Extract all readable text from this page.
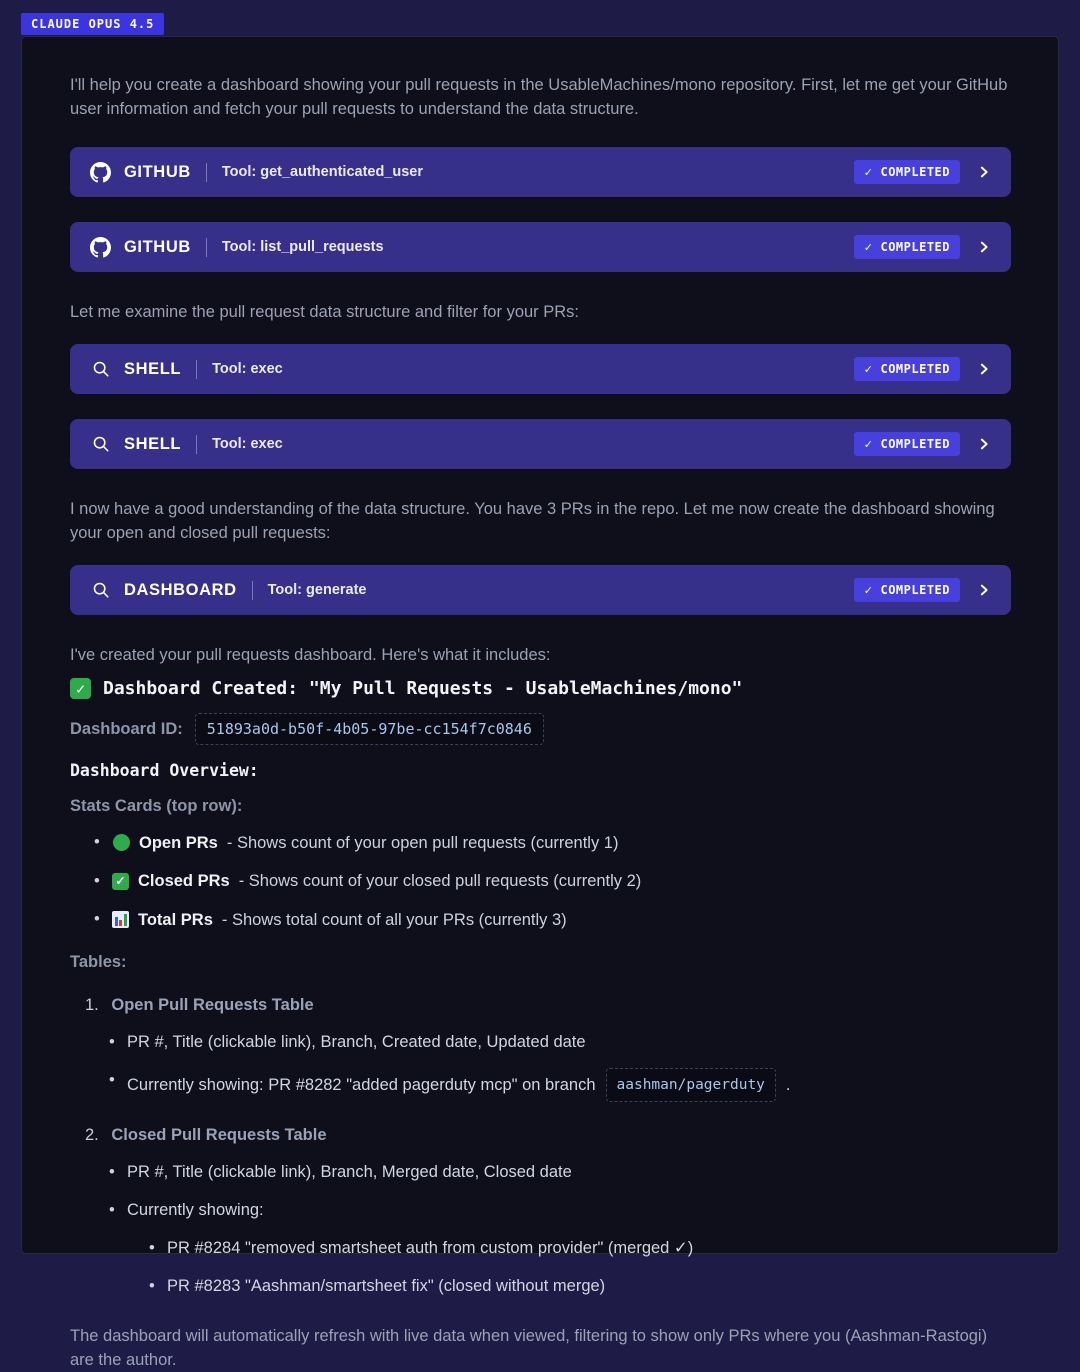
CLAUDE OPUS 4.5

I'll help you create a dashboard showing your pull requests in the UsableMachines/mono repository. First, let me get your GitHub user information and fetch your pull requests to understand the data structure.

GITHUB Tool: get_authenticated_user	✓ COMPLETED
GITHUB Tool: list_pull_requests	✓ COMPLETED

Let me examine the pull request data structure and filter for your PRs:

SHELL Tool: exec	✓ COMPLETED
SHELL Tool: exec	✓ COMPLETED

I now have a good understanding of the data structure. You have 3 PRs in the repo. Let me now create the dashboard showing your open and closed pull requests:

DASHBOARD Tool: generate	✓ COMPLETED

I've created your pull requests dashboard. Here's what it includes:

✓ Dashboard Created: "My Pull Requests - UsableMachines/mono"
Dashboard ID:	51893a0d-b50f-4b05-97be-cc154f7c0846
Dashboard Overview:
Stats Cards (top row):
• Open PRs - Shows count of your open pull requests (currently 1)
• ✓ Closed PRs - Shows count of your closed pull requests (currently 2)
• Total PRs - Shows total count of all your PRs (currently 3)
Tables:
1. Open Pull Requests Table
• PR #, Title (clickable link), Branch, Created date, Updated date
• Currently showing: PR #8282 "added pagerduty mcp" on branch	aashman/pagerduty	.
2. Closed Pull Requests Table
• PR #, Title (clickable link), Branch, Merged date, Closed date
• Currently showing:
• PR #8284 "removed smartsheet auth from custom provider" (merged ✓)
• PR #8283 "Aashman/smartsheet fix" (closed without merge)

The dashboard will automatically refresh with live data when viewed, filtering to show only PRs where you (Aashman-Rastogi) are the author.
